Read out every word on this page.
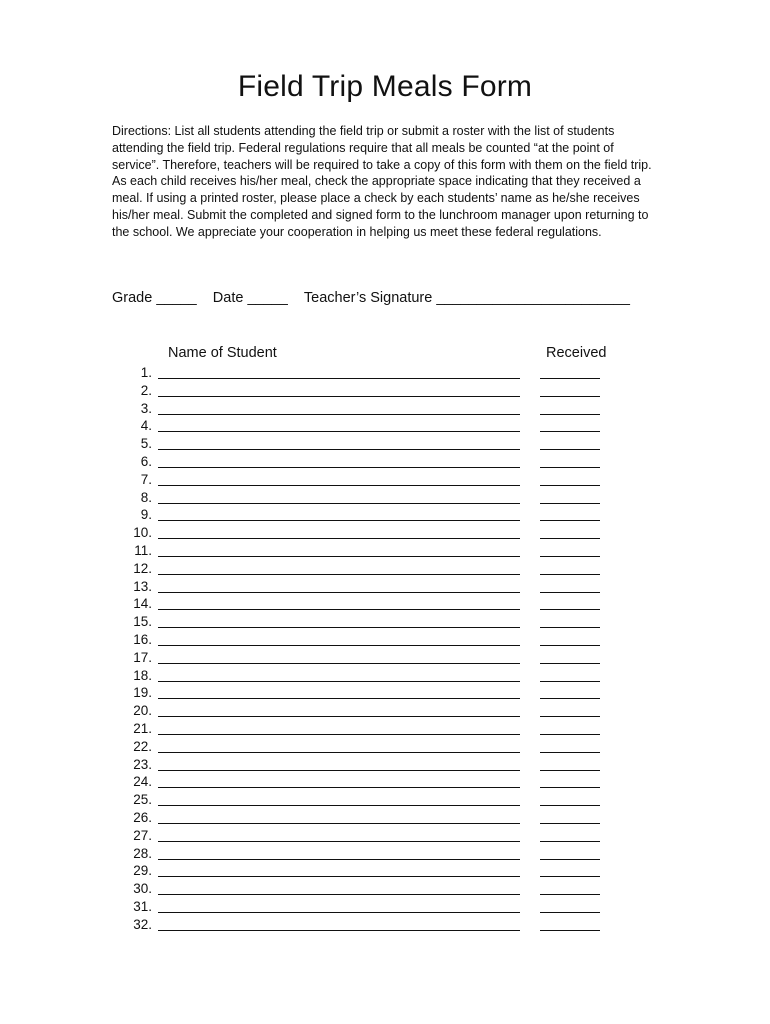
Field Trip Meals Form

Directions: List all students attending the field trip or submit a roster with the list of students attending the field trip. Federal regulations require that all meals be counted “at the point of service”. Therefore, teachers will be required to take a copy of this form with them on the field trip. As each child receives his/her meal, check the appropriate space indicating that they received a meal. If using a printed roster, please place a check by each students’ name as he/she receives his/her meal. Submit the completed and signed form to the lunchroom manager upon returning to the school. We appreciate your cooperation in helping us meet these federal regulations.

Grade _____ Date _____ Teacher’s Signature ________________________
Name of Student	Received
1.
2.
3.
4.
5.
6.
7.
8.
9.
10.
11.
12.
13.
14.
15.
16.
17.
18.
19.
20.
21.
22.
23.
24.
25.
26.
27.
28.
29.
30.
31.
32.
